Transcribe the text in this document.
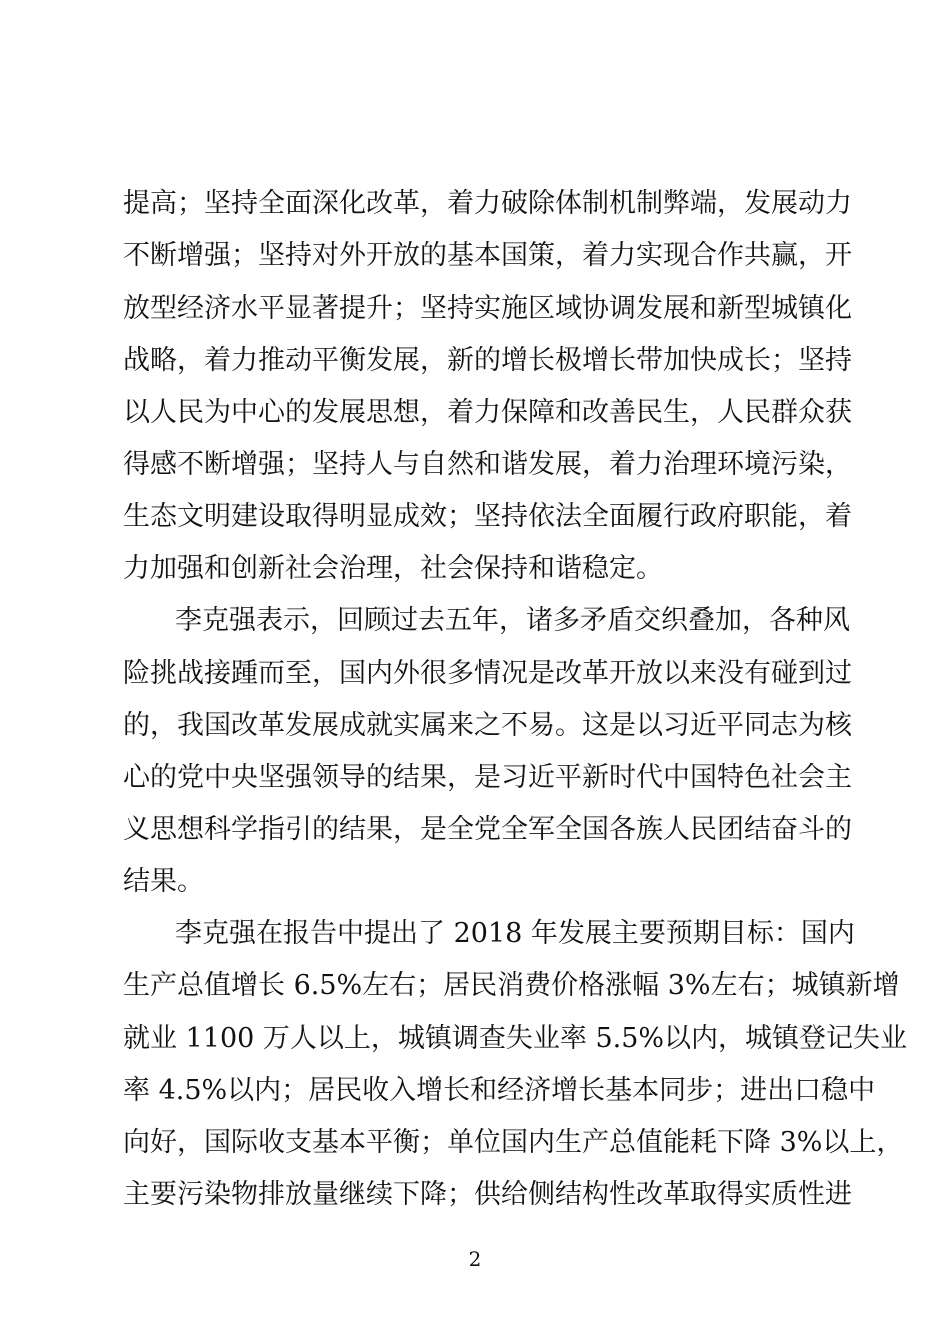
提高；坚持全面深化改革，着力破除体制机制弊端，发展动力
不断增强；坚持对外开放的基本国策，着力实现合作共赢，开
放型经济水平显著提升；坚持实施区域协调发展和新型城镇化
战略，着力推动平衡发展，新的增长极增长带加快成长；坚持
以人民为中心的发展思想，着力保障和改善民生，人民群众获
得感不断增强；坚持人与自然和谐发展，着力治理环境污染，
生态文明建设取得明显成效；坚持依法全面履行政府职能，着
力加强和创新社会治理，社会保持和谐稳定。
李克强表示，回顾过去五年，诸多矛盾交织叠加，各种风
险挑战接踵而至，国内外很多情况是改革开放以来没有碰到过
的，我国改革发展成就实属来之不易。这是以习近平同志为核
心的党中央坚强领导的结果，是习近平新时代中国特色社会主
义思想科学指引的结果，是全党全军全国各族人民团结奋斗的
结果。
李克强在报告中提出了 2018 年发展主要预期目标：国内
生产总值增长 6.5%左右；居民消费价格涨幅 3%左右；城镇新增
就业 1100 万人以上，城镇调查失业率 5.5%以内，城镇登记失业
率 4.5%以内；居民收入增长和经济增长基本同步；进出口稳中
向好，国际收支基本平衡；单位国内生产总值能耗下降 3%以上，
主要污染物排放量继续下降；供给侧结构性改革取得实质性进
2
